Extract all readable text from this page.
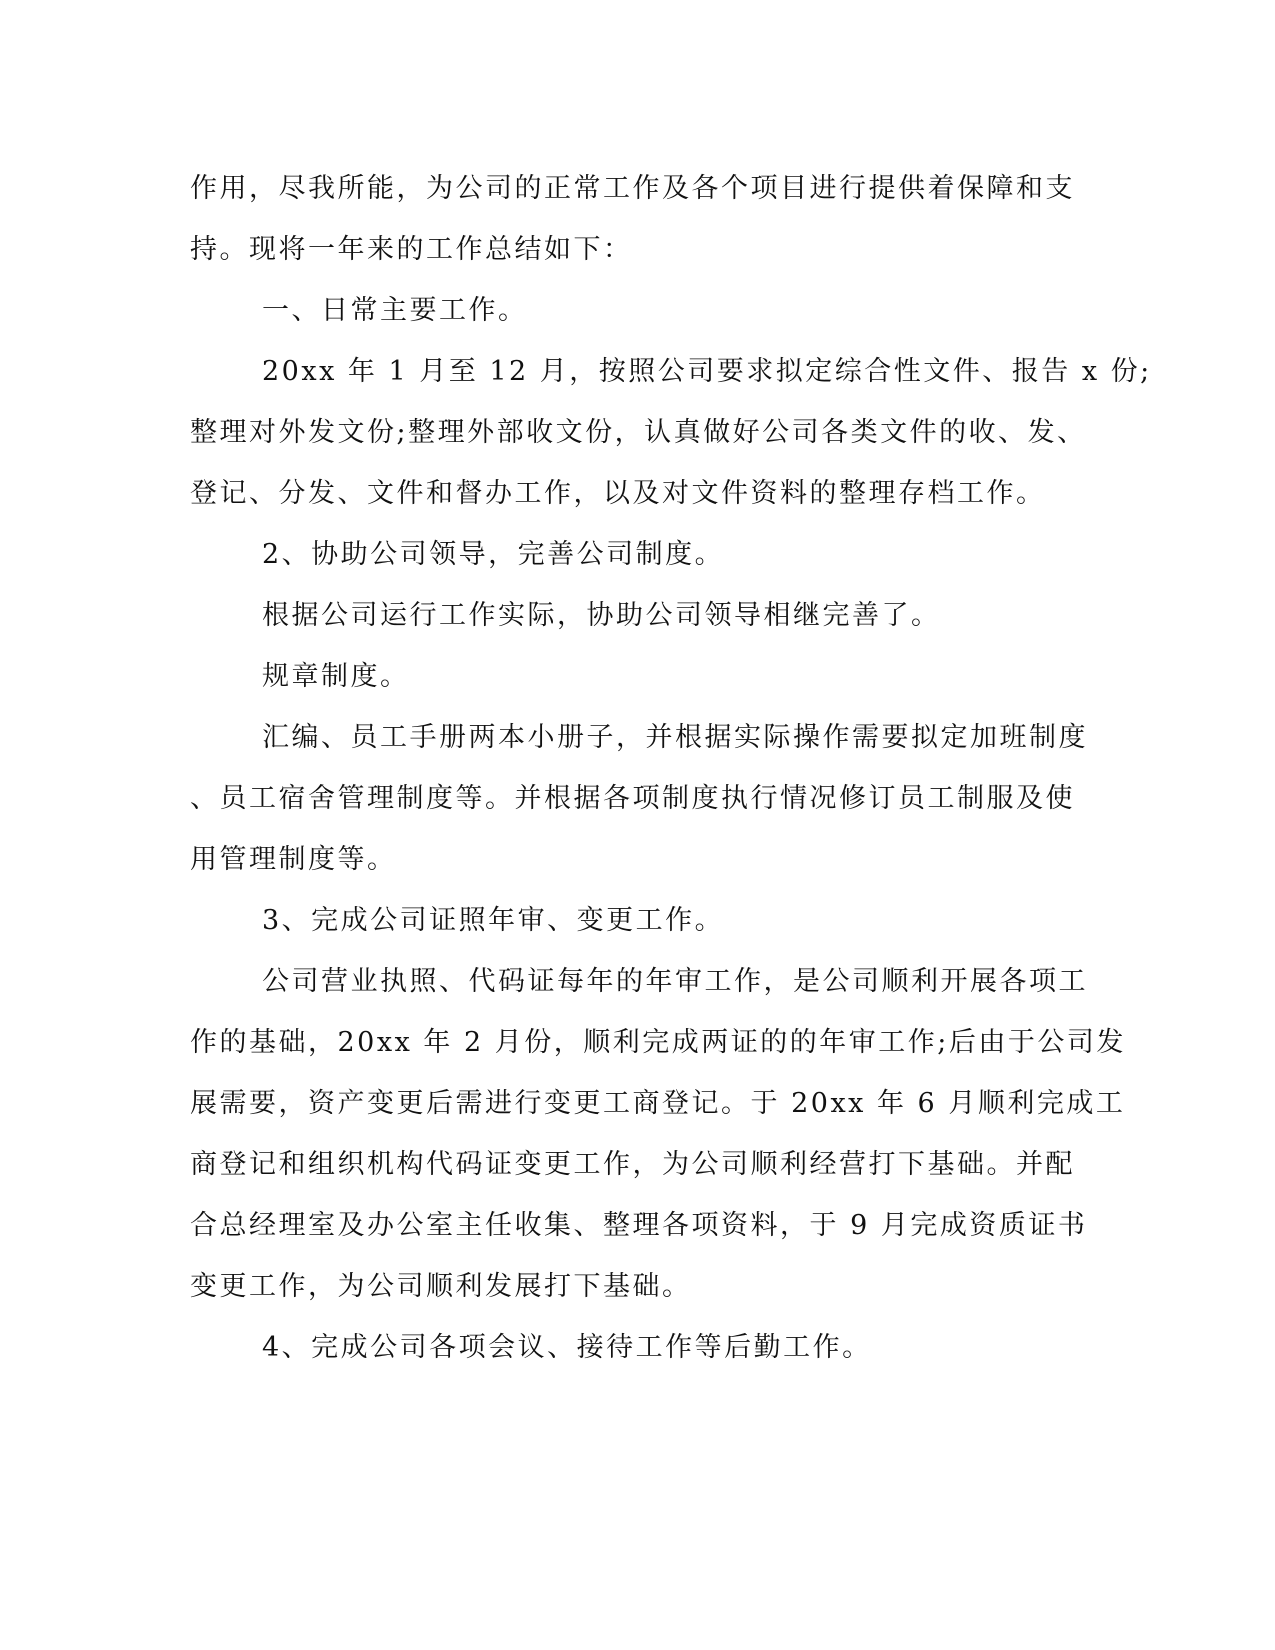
作用，尽我所能，为公司的正常工作及各个项目进行提供着保障和支
持。现将一年来的工作总结如下：
一、日常主要工作。
20xx 年 1 月至 12 月，按照公司要求拟定综合性文件、报告 x 份;
整理对外发文份;整理外部收文份，认真做好公司各类文件的收、发、
登记、分发、文件和督办工作，以及对文件资料的整理存档工作。
2、协助公司领导，完善公司制度。
根据公司运行工作实际，协助公司领导相继完善了。
规章制度。
汇编、员工手册两本小册子，并根据实际操作需要拟定加班制度
、员工宿舍管理制度等。并根据各项制度执行情况修订员工制服及使
用管理制度等。
3、完成公司证照年审、变更工作。
公司营业执照、代码证每年的年审工作，是公司顺利开展各项工
作的基础，20xx 年 2 月份，顺利完成两证的的年审工作;后由于公司发
展需要，资产变更后需进行变更工商登记。于 20xx 年 6 月顺利完成工
商登记和组织机构代码证变更工作，为公司顺利经营打下基础。并配
合总经理室及办公室主任收集、整理各项资料，于 9 月完成资质证书
变更工作，为公司顺利发展打下基础。
4、完成公司各项会议、接待工作等后勤工作。
